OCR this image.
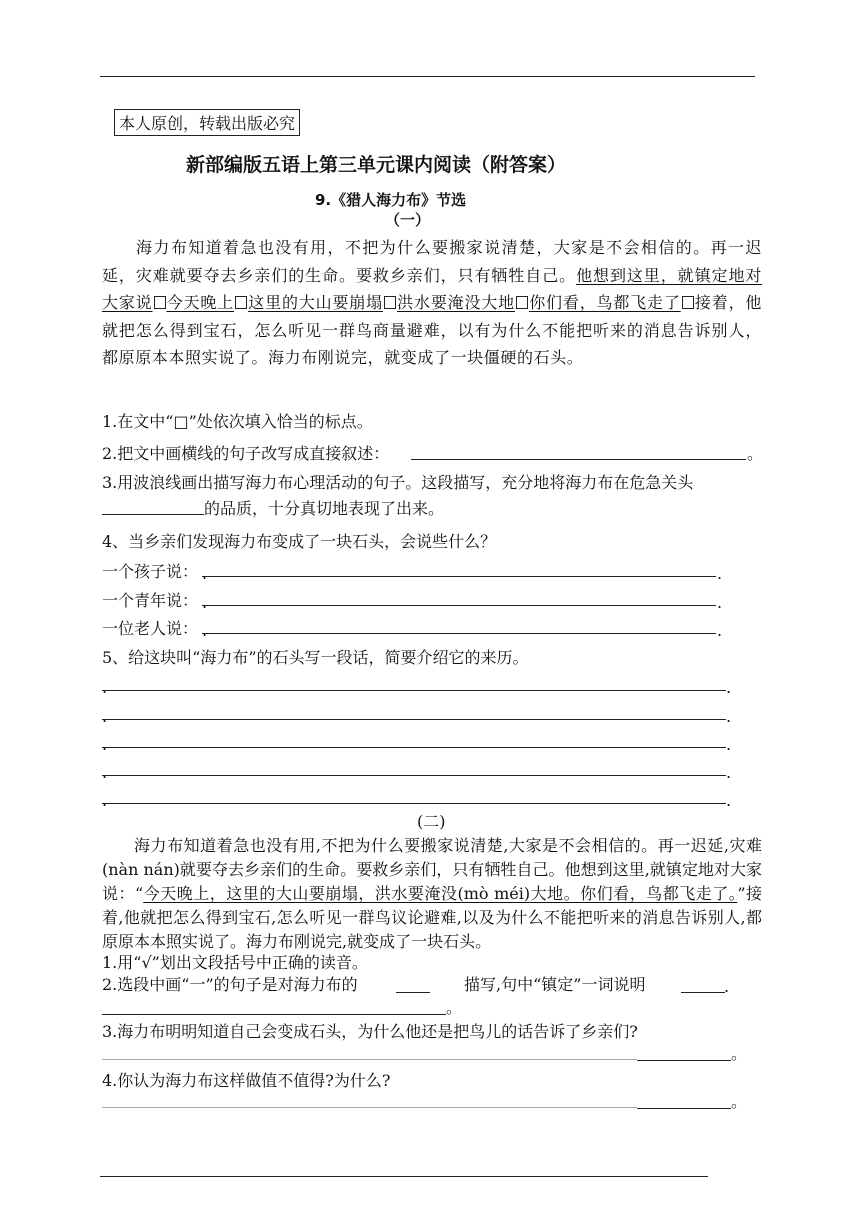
本人原创，转载出版必究
新部编版五语上第三单元课内阅读（附答案）
9.《猎人海力布》节选
（一）
海力布知道着急也没有用，不把为什么要搬家说清楚，大家是不会相信的。再一迟延，灾难就要夺去乡亲们的生命。要救乡亲们，只有牺牲自己。他想到这里，就镇定地对大家说 今天晚上 这里的大山要崩塌 洪水要淹没大地 你们看，鸟都飞走了 接着，他就把怎么得到宝石，怎么听见一群鸟商量避难，以有为什么不能把听来的消息告诉别人，都原原本本照实说了。海力布刚说完，就变成了一块僵硬的石头。
1.在文中“□”处依次填入恰当的标点。
2.把文中画横线的句子改写成直接叙述：	。
3.用波浪线画出描写海力布心理活动的句子。这段描写，充分地将海力布在危急关头
的品质，十分真切地表现了出来。
4、当乡亲们发现海力布变成了一块石头，会说些什么？
一个孩子说： .	.
一个青年说： .	.
一位老人说： .	.
5、给这块叫“海力布”的石头写一段话，简要介绍它的来历。
.	.
.	.
.	.
.	.
.	.
(二)
海力布知道着急也没有用,不把为什么要搬家说清楚,大家是不会相信的。再一迟延,灾难(nàn nán)就要夺去乡亲们的生命。要救乡亲们，只有牺牲自己。他想到这里,就镇定地对大家说：“今天晚上，这里的大山要崩塌，洪水要淹没(mò méi)大地。你们看，鸟都飞走了。”接着,他就把怎么得到宝石,怎么听见一群鸟议论避难,以及为什么不能把听来的消息告诉别人,都原原本本照实说了。海力布刚说完,就变成了一块石头。
1.用“√”划出文段括号中正确的读音。
2.选段中画“一”的句子是对海力布的	描写,句中“镇定”一词说明	.
。
3.海力布明明知道自己会变成石头，为什么他还是把鸟儿的话告诉了乡亲们?
。
4.你认为海力布这样做值不值得?为什么?
。
